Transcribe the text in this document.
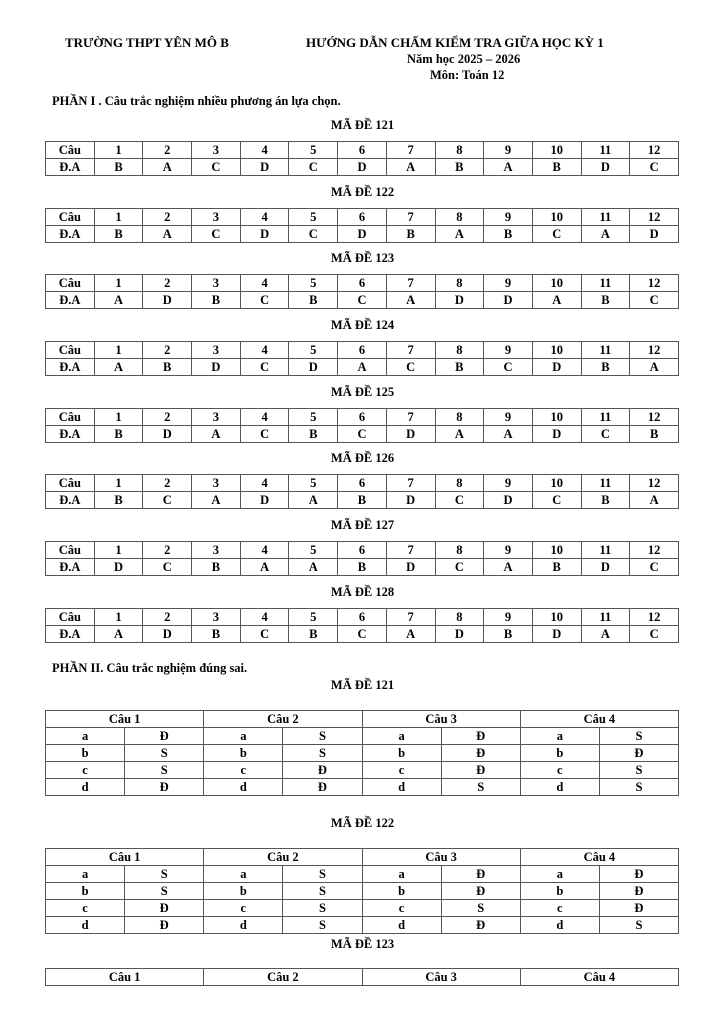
TRƯỜNG THPT YÊN MÔ B	HƯỚNG DẪN CHẤM KIỂM TRA GIỮA HỌC KỲ 1
Năm học 2025 – 2026
Môn: Toán 12
PHẦN I . Câu trắc nghiệm nhiều phương án lựa chọn.
MÃ ĐỀ 121
Câu	1	2	3	4	5	6	7	8	9	10	11	12
Đ.A	B	A	C	D	C	D	A	B	A	B	D	C
MÃ ĐỀ 122
Câu	1	2	3	4	5	6	7	8	9	10	11	12
Đ.A	B	A	C	D	C	D	B	A	B	C	A	D
MÃ ĐỀ 123
Câu	1	2	3	4	5	6	7	8	9	10	11	12
Đ.A	A	D	B	C	B	C	A	D	D	A	B	C
MÃ ĐỀ 124
Câu	1	2	3	4	5	6	7	8	9	10	11	12
Đ.A	A	B	D	C	D	A	C	B	C	D	B	A
MÃ ĐỀ 125
Câu	1	2	3	4	5	6	7	8	9	10	11	12
Đ.A	B	D	A	C	B	C	D	A	A	D	C	B
MÃ ĐỀ 126
Câu	1	2	3	4	5	6	7	8	9	10	11	12
Đ.A	B	C	A	D	A	B	D	C	D	C	B	A
MÃ ĐỀ 127
Câu	1	2	3	4	5	6	7	8	9	10	11	12
Đ.A	D	C	B	A	A	B	D	C	A	B	D	C
MÃ ĐỀ 128
Câu	1	2	3	4	5	6	7	8	9	10	11	12
Đ.A	A	D	B	C	B	C	A	D	B	D	A	C
PHẦN II. Câu trắc nghiệm đúng sai.
MÃ ĐỀ 121
Câu 1		Câu 2		Câu 3		Câu 4	
a	Đ	a	S	a	Đ	a	S
b	S	b	S	b	Đ	b	Đ
c	S	c	Đ	c	Đ	c	S
d	Đ	d	Đ	d	S	d	S
MÃ ĐỀ 122
Câu 1		Câu 2		Câu 3		Câu 4	
a	S	a	S	a	Đ	a	Đ
b	S	b	S	b	Đ	b	Đ
c	Đ	c	S	c	S	c	Đ
d	Đ	d	S	d	Đ	d	S
MÃ ĐỀ 123
Câu 1	Câu 2	Câu 3	Câu 4
